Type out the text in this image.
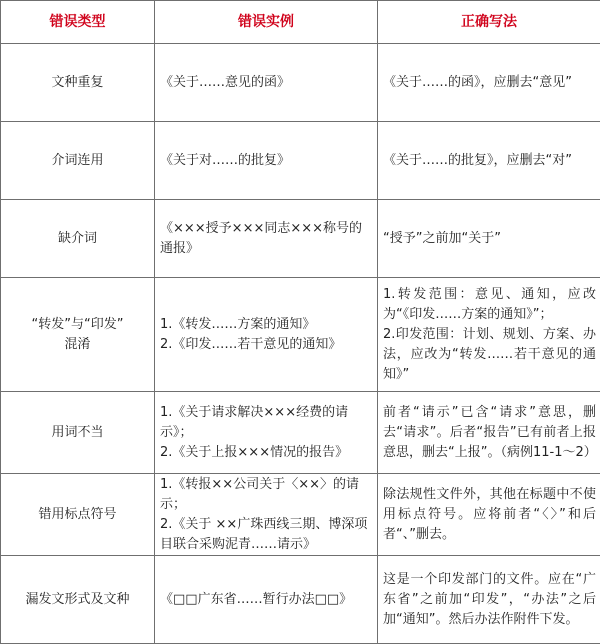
错误类型	错误实例	正确写法

文种重复	《关于……意见的函》	《关于……的函》，应删去“意见”

介词连用	《关于对……的批复》	《关于……的批复》，应删去“对”

缺介词	《×××授予×××同志×××称号的通报》	“授予”之前加“关于”

“转发”与“印发”
混淆	1.《转发……方案的通知》
2.《印发……若干意见的通知》	1.转发范围：意见、通知，应改为“《印发……方案的通知》”；
2.印发范围：计划、规划、方案、办法，应改为“转发……若干意见的通知》”

用词不当	1.《关于请求解决×××经费的请示》；
2.《关于上报×××情况的报告》	前者“请示”已含“请求”意思，删去“请求”。后者“报告”已有前者上报意思，删去“上报”。（病例11-1～2）

错用标点符号	1.《转报××公司关于〈××〉的请示；
2.《关于 ××广珠西线三期、博深项目联合采购泥青……请示》	除法规性文件外，其他在标题中不使用标点符号。应将前者“〈〉”和后者“、”删去。

漏发文形式及文种	《□□广东省……暂行办法□□》	这是一个印发部门的文件。应在“广东省”之前加“印发”，“办法”之后加“通知”。然后办法作附件下发。
